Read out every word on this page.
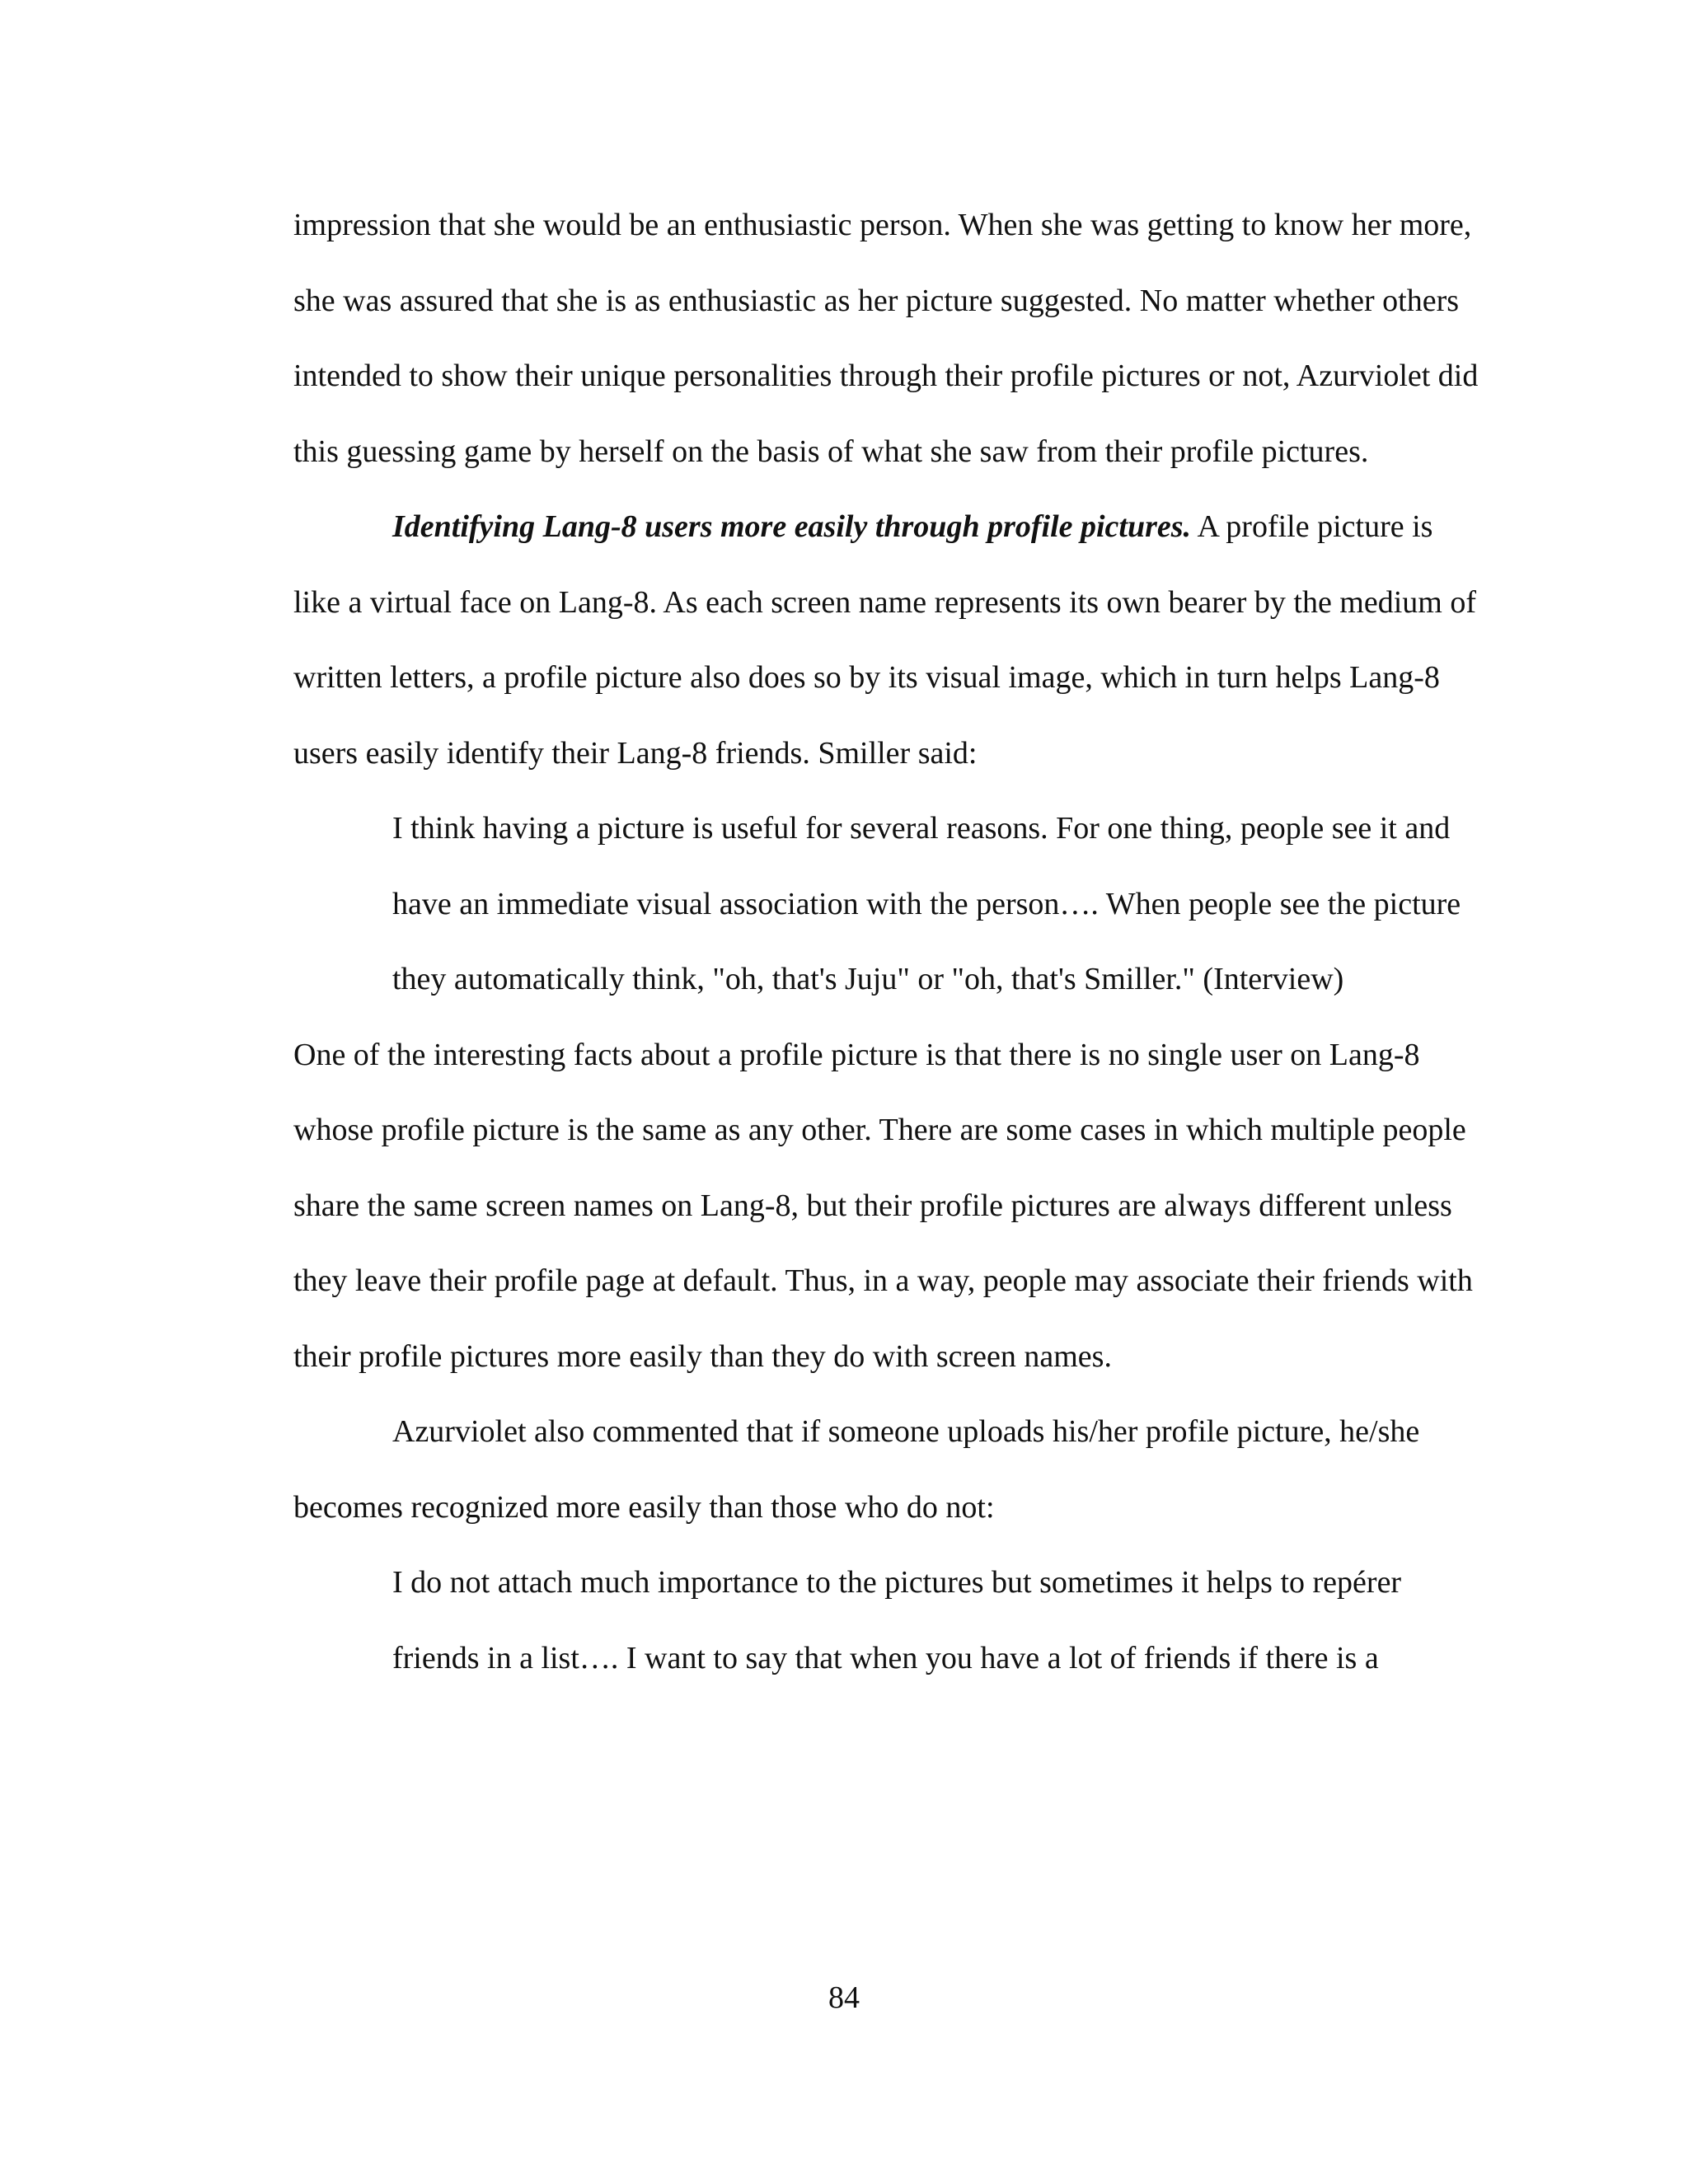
impression that she would be an enthusiastic person. When she was getting to know her more, she was assured that she is as enthusiastic as her picture suggested. No matter whether others intended to show their unique personalities through their profile pictures or not, Azurviolet did this guessing game by herself on the basis of what she saw from their profile pictures.

Identifying Lang-8 users more easily through profile pictures. A profile picture is like a virtual face on Lang-8. As each screen name represents its own bearer by the medium of written letters, a profile picture also does so by its visual image, which in turn helps Lang-8 users easily identify their Lang-8 friends. Smiller said:

I think having a picture is useful for several reasons. For one thing, people see it and have an immediate visual association with the person…. When people see the picture they automatically think, "oh, that's Juju" or "oh, that's Smiller." (Interview)

One of the interesting facts about a profile picture is that there is no single user on Lang-8 whose profile picture is the same as any other. There are some cases in which multiple people share the same screen names on Lang-8, but their profile pictures are always different unless they leave their profile page at default. Thus, in a way, people may associate their friends with their profile pictures more easily than they do with screen names.

Azurviolet also commented that if someone uploads his/her profile picture, he/she becomes recognized more easily than those who do not:

I do not attach much importance to the pictures but sometimes it helps to repérer friends in a list…. I want to say that when you have a lot of friends if there is a

84
